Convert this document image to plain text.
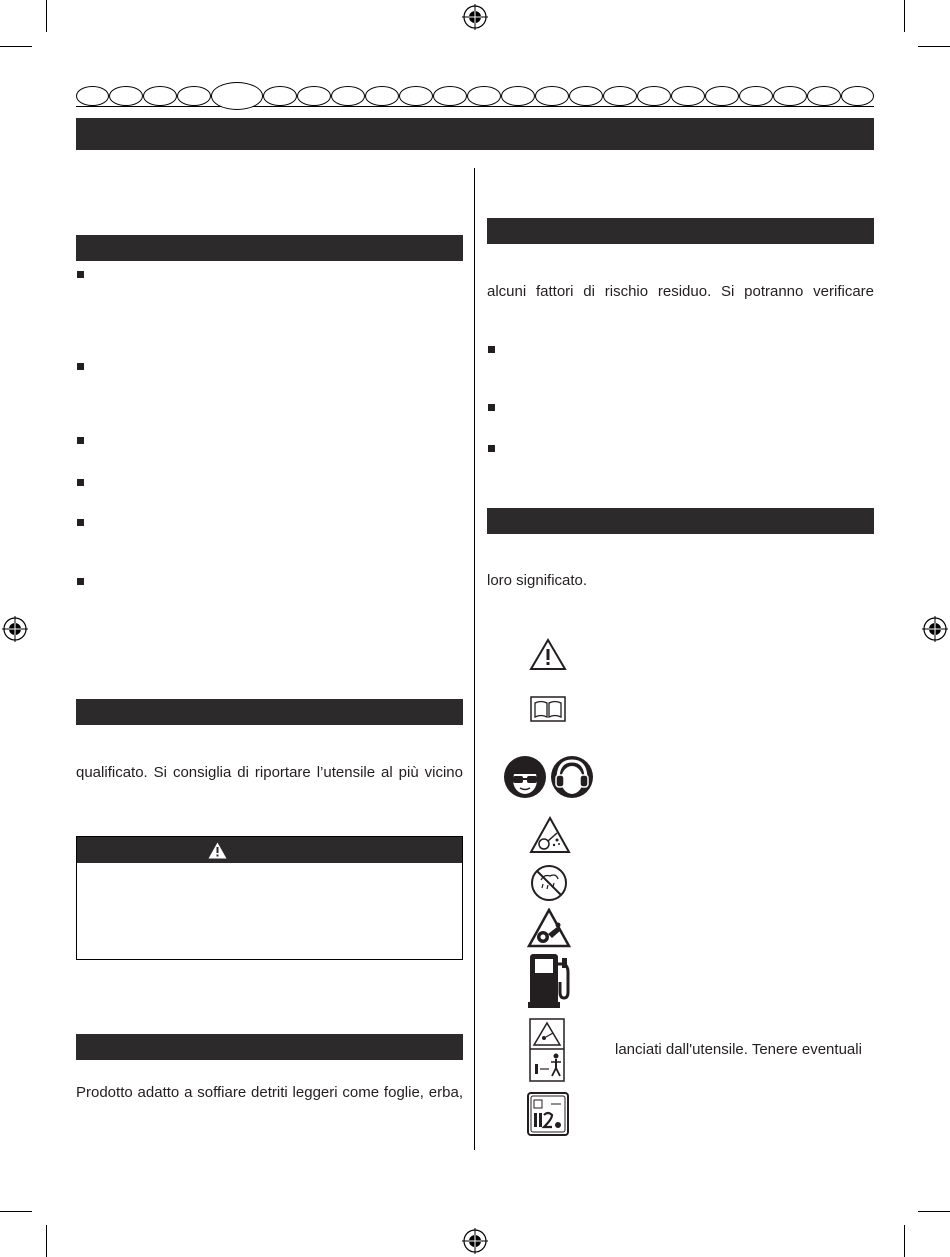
qualificato. Si consiglia di riportare l’utensile al più vicino
Prodotto adatto a soffiare detriti leggeri come foglie, erba,
alcuni fattori di rischio residuo. Si potranno verificare
loro significato.
lanciati dall'utensile. Tenere eventuali
